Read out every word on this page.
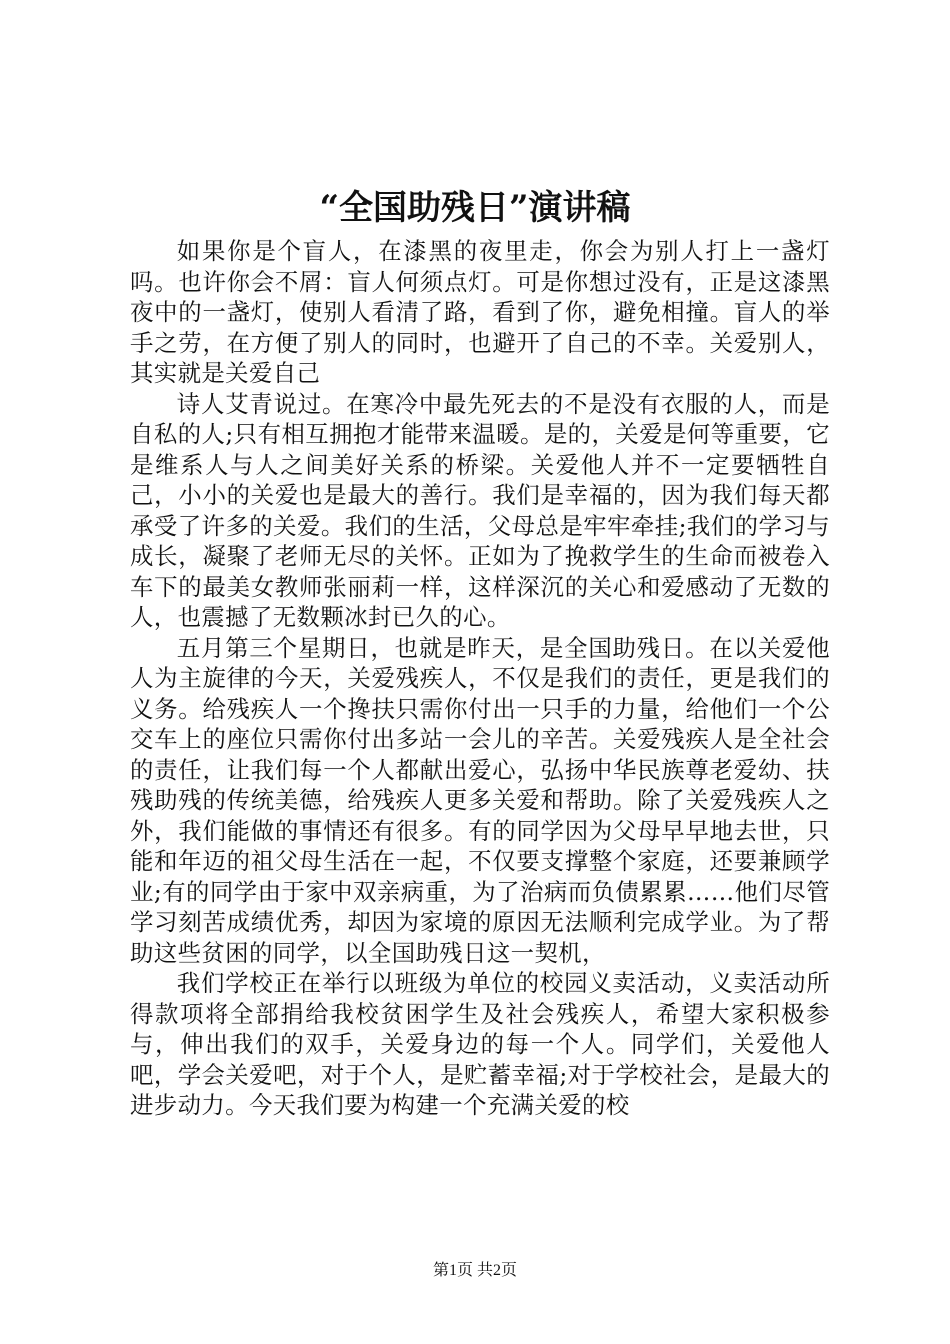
“全国助残日”演讲稿

如果你是个盲人，在漆黑的夜里走，你会为别人打上一盏灯吗。也许你会不屑：盲人何须点灯。可是你想过没有，正是这漆黑夜中的一盏灯，使别人看清了路，看到了你，避免相撞。盲人的举手之劳，在方便了别人的同时，也避开了自己的不幸。关爱别人，其实就是关爱自己

诗人艾青说过。在寒冷中最先死去的不是没有衣服的人，而是自私的人;只有相互拥抱才能带来温暖。是的，关爱是何等重要，它是维系人与人之间美好关系的桥梁。关爱他人并不一定要牺牲自己，小小的关爱也是最大的善行。我们是幸福的，因为我们每天都承受了许多的关爱。我们的生活，父母总是牢牢牵挂;我们的学习与成长，凝聚了老师无尽的关怀。正如为了挽救学生的生命而被卷入车下的最美女教师张丽莉一样，这样深沉的关心和爱感动了无数的人，也震撼了无数颗冰封已久的心。

五月第三个星期日，也就是昨天，是全国助残日。在以关爱他人为主旋律的今天，关爱残疾人，不仅是我们的责任，更是我们的义务。给残疾人一个搀扶只需你付出一只手的力量，给他们一个公交车上的座位只需你付出多站一会儿的辛苦。关爱残疾人是全社会的责任，让我们每一个人都献出爱心，弘扬中华民族尊老爱幼、扶残助残的传统美德，给残疾人更多关爱和帮助。除了关爱残疾人之外，我们能做的事情还有很多。有的同学因为父母早早地去世，只能和年迈的祖父母生活在一起，不仅要支撑整个家庭，还要兼顾学业;有的同学由于家中双亲病重，为了治病而负债累累……他们尽管学习刻苦成绩优秀，却因为家境的原因无法顺利完成学业。为了帮助这些贫困的同学，以全国助残日这一契机，

我们学校正在举行以班级为单位的校园义卖活动，义卖活动所得款项将全部捐给我校贫困学生及社会残疾人，希望大家积极参与，伸出我们的双手，关爱身边的每一个人。同学们，关爱他人吧，学会关爱吧，对于个人，是贮蓄幸福;对于学校社会，是最大的进步动力。今天我们要为构建一个充满关爱的校

第1页 共2页
